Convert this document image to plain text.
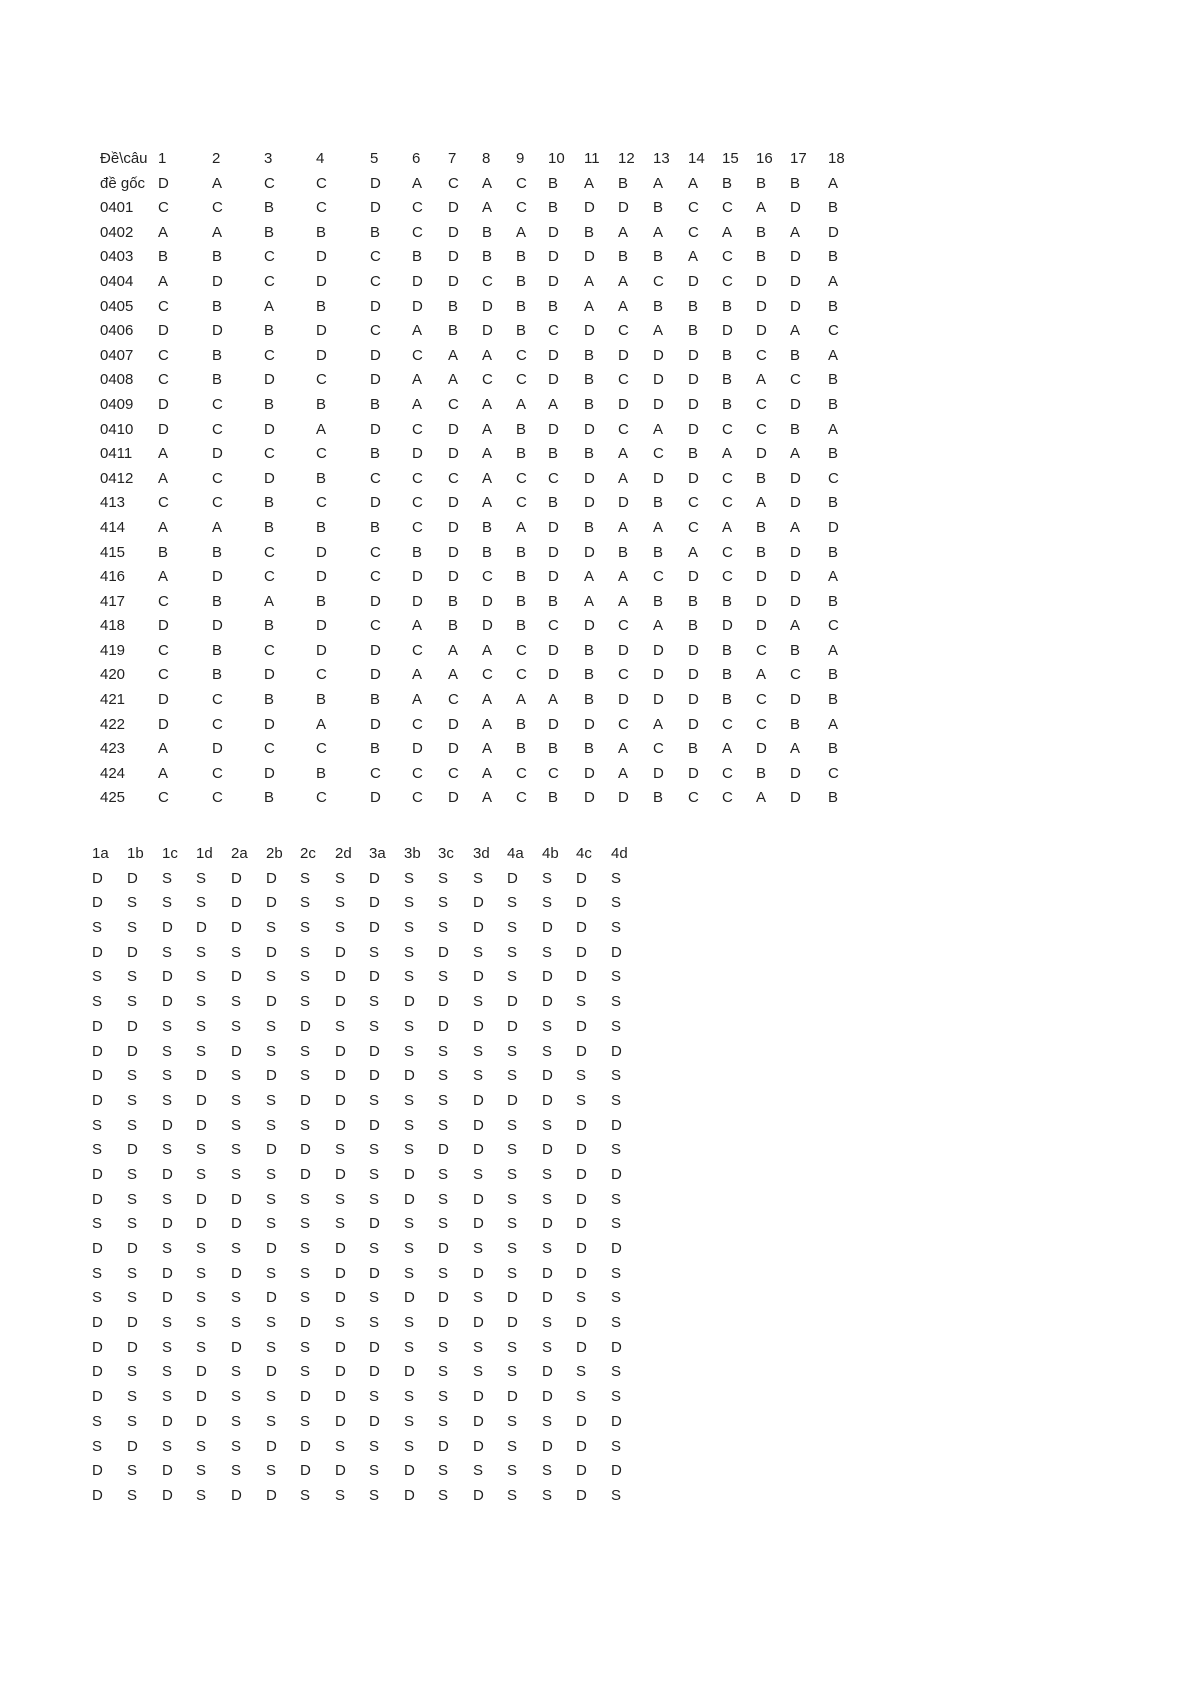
Đề\câu 1	2	3	4	5 6 7 8 9 10 11 12 13 14 15 16 17 18
đề gốc D	A	C	C	D A C A C B A B A A B B B A
0401 C	C	B	C	D C D A C B D D B C C A D B
0402 A	A	B	B	B C D B A D B A A C A B A D
0403 B	B	C	D	C B D B B D D B B A C B D B
0404 A	D	C	D	C D D C B D A A C D C D D A
0405 C	B	A	B	D D B D B B A A B B B D D B
0406 D	D	B	D	C A B D B C D C A B D D A C
0407 C	B	C	D	D C A A C D B D D D B C B A
0408 C	B	D	C	D A A C C D B C D D B A C B
0409 D	C	B	B	B A C A A A B D D D B C D B
0410 D	C	D	A	D C D A B D D C A D C C B A
0411 A	D	C	C	B D D A B B B A C B A D A B
0412 A	C	D	B	C C C A C C D A D D C B D C
413 C	C	B	C	D C D A C B D D B C C A D B
414 A	A	B	B	B C D B A D B A A C A B A D
415 B	B	C	D	C B D B B D D B B A C B D B
416 A	D	C	D	C D D C B D A A C D C D D A
417 C	B	A	B	D D B D B B A A B B B D D B
418 D	D	B	D	C A B D B C D C A B D D A C
419 C	B	C	D	D C A A C D B D D D B C B A
420 C	B	D	C	D A A C C D B C D D B A C B
421 D	C	B	B	B A C A A A B D D D B C D B
422 D	C	D	A	D C D A B D D C A D C C B A
423 A	D	C	C	B D D A B B B A C B A D A B
424 A	C	D	B	C C C A C C D A D D C B D C
425 C	C	B	C	D C D A C B D D B C C A D B
1a 1b 1c 1d 2a 2b 2c 2d 3a 3b 3c 3d 4a 4b 4c 4d
D D S S D D S S D S S S D S D S
D S S S D D S S D S S D S S D S
S S D D D S S S D S S D S D D S
D D S S S D S D S S D S S S D D
S S D S D S S D D S S D S D D S
S S D S S D S D S D D S D D S S
D D S S S S D S S S D D D S D S
D D S S D S S D D S S S S S D D
D S S D S D S D D D S S S D S S
D S S D S S D D S S S D D D S S
S S D D S S S D D S S D S S D D
S D S S S D D S S S D D S D D S
D S D S S S D D S D S S S S D D
D S S D D S S S S D S D S S D S
S S D D D S S S D S S D S D D S
D D S S S D S D S S D S S S D D
S S D S D S S D D S S D S D D S
S S D S S D S D S D D S D D S S
D D S S S S D S S S D D D S D S
D D S S D S S D D S S S S S D D
D S S D S D S D D D S S S D S S
D S S D S S D D S S S D D D S S
S S D D S S S D D S S D S S D D
S D S S S D D S S S D D S D D S
D S D S S S D D S D S S S S D D
D S D S D D S S S D S D S S D S
